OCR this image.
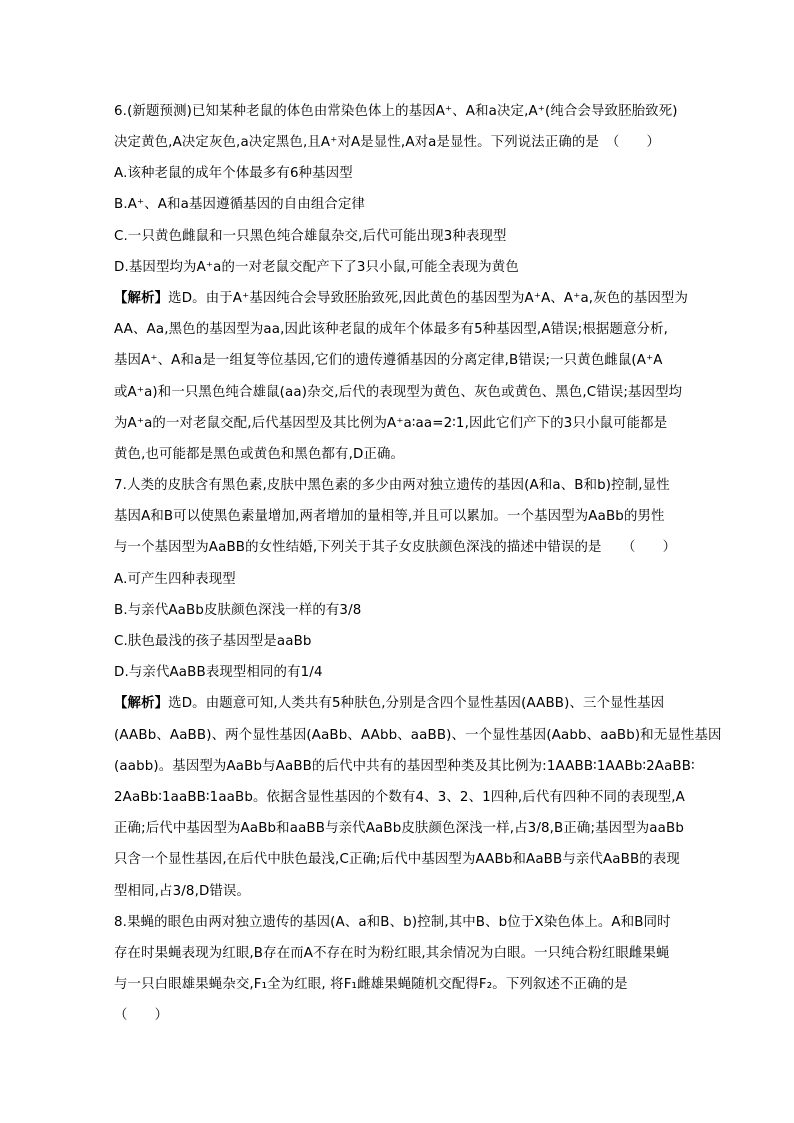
6.(新题预测)已知某种老鼠的体色由常染色体上的基因A⁺、A和a决定,A⁺(纯合会导致胚胎致死)
决定黄色,A决定灰色,a决定黑色,且A⁺对A是显性,A对a是显性。下列说法正确的是　（　　）
A.该种老鼠的成年个体最多有6种基因型
B.A⁺、A和a基因遵循基因的自由组合定律
C.一只黄色雌鼠和一只黑色纯合雄鼠杂交,后代可能出现3种表现型
D.基因型均为A⁺a的一对老鼠交配产下了3只小鼠,可能全表现为黄色
【解析】选D。由于A⁺基因纯合会导致胚胎致死,因此黄色的基因型为A⁺A、A⁺a,灰色的基因型为
AA、Aa,黑色的基因型为aa,因此该种老鼠的成年个体最多有5种基因型,A错误;根据题意分析,
基因A⁺、A和a是一组复等位基因,它们的遗传遵循基因的分离定律,B错误;一只黄色雌鼠(A⁺A
或A⁺a)和一只黑色纯合雄鼠(aa)杂交,后代的表现型为黄色、灰色或黄色、黑色,C错误;基因型均
为A⁺a的一对老鼠交配,后代基因型及其比例为A⁺a∶aa=2∶1,因此它们产下的3只小鼠可能都是
黄色,也可能都是黑色或黄色和黑色都有,D正确。
7.人类的皮肤含有黑色素,皮肤中黑色素的多少由两对独立遗传的基因(A和a、B和b)控制,显性
基因A和B可以使黑色素量增加,两者增加的量相等,并且可以累加。一个基因型为AaBb的男性
与一个基因型为AaBB的女性结婚,下列关于其子女皮肤颜色深浅的描述中错误的是　　（　　）
A.可产生四种表现型
B.与亲代AaBb皮肤颜色深浅一样的有3/8
C.肤色最浅的孩子基因型是aaBb
D.与亲代AaBB表现型相同的有1/4
【解析】选D。由题意可知,人类共有5种肤色,分别是含四个显性基因(AABB)、三个显性基因
(AABb、AaBB)、两个显性基因(AaBb、AAbb、aaBB)、一个显性基因(Aabb、aaBb)和无显性基因
(aabb)。基因型为AaBb与AaBB的后代中共有的基因型种类及其比例为:1AABB∶1AABb∶2AaBB∶
2AaBb∶1aaBB∶1aaBb。依据含显性基因的个数有4、3、2、1四种,后代有四种不同的表现型,A
正确;后代中基因型为AaBb和aaBB与亲代AaBb皮肤颜色深浅一样,占3/8,B正确;基因型为aaBb
只含一个显性基因,在后代中肤色最浅,C正确;后代中基因型为AABb和AaBB与亲代AaBB的表现
型相同,占3/8,D错误。
8.果蝇的眼色由两对独立遗传的基因(A、a和B、b)控制,其中B、b位于X染色体上。A和B同时
存在时果蝇表现为红眼,B存在而A不存在时为粉红眼,其余情况为白眼。一只纯合粉红眼雌果蝇
与一只白眼雄果蝇杂交,F₁全为红眼, 将F₁雌雄果蝇随机交配得F₂。下列叙述不正确的是
（　　）
